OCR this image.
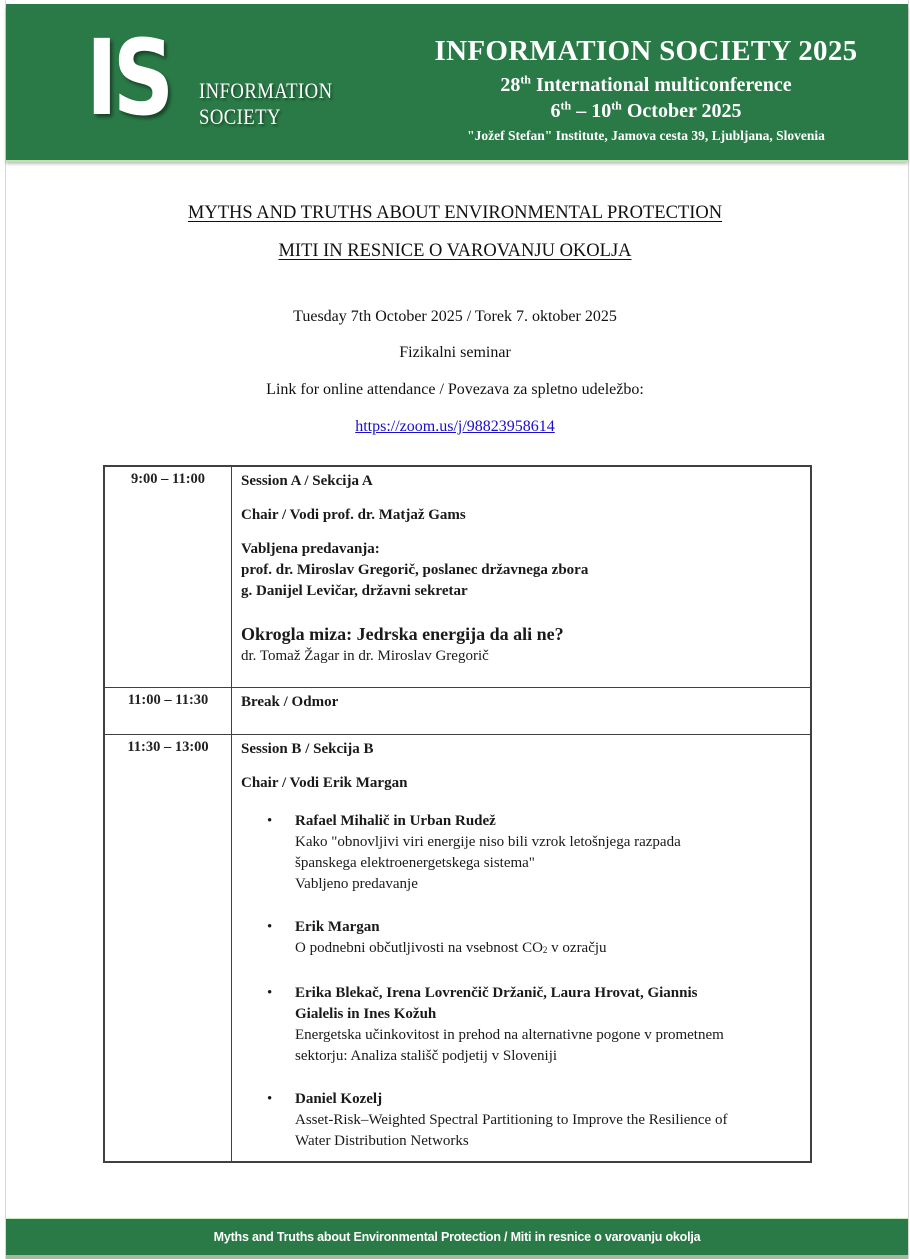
IS INFORMATION
SOCIETY
INFORMATION SOCIETY 2025
28th International multiconference
6th – 10th October 2025
"Jožef Stefan" Institute, Jamova cesta 39, Ljubljana, Slovenia
MYTHS AND TRUTHS ABOUT ENVIRONMENTAL PROTECTION
MITI IN RESNICE O VAROVANJU OKOLJA
Tuesday 7th October 2025 / Torek 7. oktober 2025
Fizikalni seminar
Link for online attendance / Povezava za spletno udeležbo:
https://zoom.us/j/98823958614
9:00 – 11:00	Session A / Sekcija A
Chair / Vodi prof. dr. Matjaž Gams
Vabljena predavanja:
prof. dr. Miroslav Gregorič, poslanec državnega zbora
g. Danijel Levičar, državni sekretar
Okrogla miza: Jedrska energija da ali ne?
dr. Tomaž Žagar in dr. Miroslav Gregorič
11:00 – 11:30	Break / Odmor
11:30 – 13:00	Session B / Sekcija B
Chair / Vodi Erik Margan
• Rafael Mihalič in Urban Rudež
Kako "obnovljivi viri energije niso bili vzrok letošnjega razpada
španskega elektroenergetskega sistema"
Vabljeno predavanje
• Erik Margan
O podnebni občutljivosti na vsebnost CO2 v ozračju
• Erika Blekač, Irena Lovrenčič Držanič, Laura Hrovat, Giannis
Gialelis in Ines Kožuh
Energetska učinkovitost in prehod na alternativne pogone v prometnem
sektorju: Analiza stališč podjetij v Sloveniji
• Daniel Kozelj
Asset-Risk–Weighted Spectral Partitioning to Improve the Resilience of
Water Distribution Networks
Myths and Truths about Environmental Protection / Miti in resnice o varovanju okolja
